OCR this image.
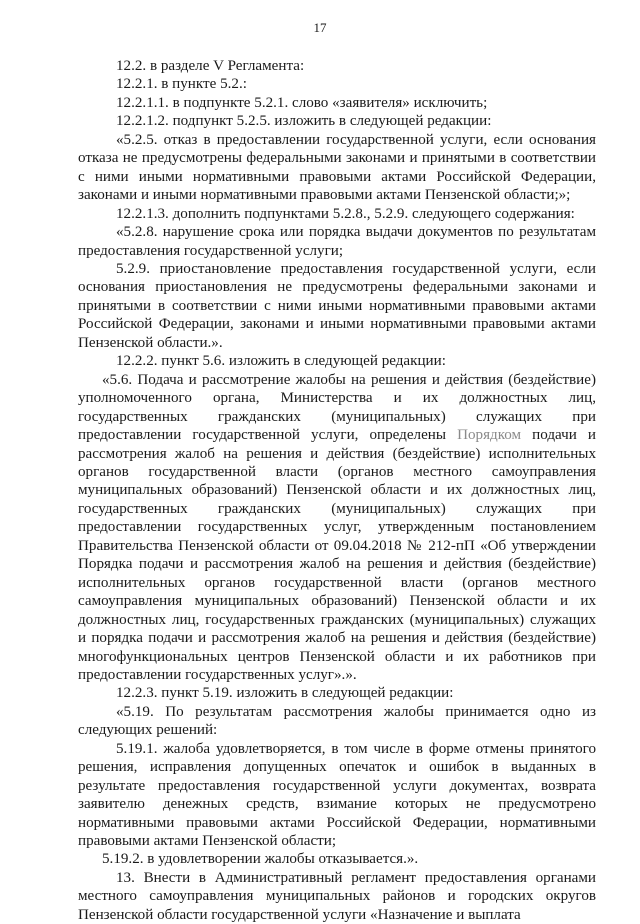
17

12.2. в разделе V Регламента:

12.2.1. в пункте 5.2.:

12.2.1.1. в подпункте 5.2.1. слово «заявителя» исключить;

12.2.1.2. подпункт 5.2.5. изложить в следующей редакции:

«5.2.5. отказ в предоставлении государственной услуги, если основания отказа не предусмотрены федеральными законами и принятыми в соответствии с ними иными нормативными правовыми актами Российской Федерации, законами и иными нормативными правовыми актами Пензенской области;»;

12.2.1.3. дополнить подпунктами 5.2.8., 5.2.9. следующего содержания:

«5.2.8. нарушение срока или порядка выдачи документов по результатам предоставления государственной услуги;

5.2.9. приостановление предоставления государственной услуги, если основания приостановления не предусмотрены федеральными законами и принятыми в соответствии с ними иными нормативными правовыми актами Российской Федерации, законами и иными нормативными правовыми актами Пензенской области.».

12.2.2. пункт 5.6. изложить в следующей редакции:

«5.6. Подача и рассмотрение жалобы на решения и действия (бездействие) уполномоченного органа, Министерства и их должностных лиц, государственных гражданских (муниципальных) служащих при предоставлении государственной услуги, определены Порядком подачи и рассмотрения жалоб на решения и действия (бездействие) исполнительных органов государственной власти (органов местного самоуправления муниципальных образований) Пензенской области и их должностных лиц, государственных гражданских (муниципальных) служащих при предоставлении государственных услуг, утвержденным постановлением Правительства Пензенской области от 09.04.2018 № 212-пП «Об утверждении Порядка подачи и рассмотрения жалоб на решения и действия (бездействие) исполнительных органов государственной власти (органов местного самоуправления муниципальных образований) Пензенской области и их должностных лиц, государственных гражданских (муниципальных) служащих и порядка подачи и рассмотрения жалоб на решения и действия (бездействие) многофункциональных центров Пензенской области и их работников при предоставлении государственных услуг».».

12.2.3. пункт 5.19. изложить в следующей редакции:

«5.19. По результатам рассмотрения жалобы принимается одно из следующих решений:

5.19.1. жалоба удовлетворяется, в том числе в форме отмены принятого решения, исправления допущенных опечаток и ошибок в выданных в результате предоставления государственной услуги документах, возврата заявителю денежных средств, взимание которых не предусмотрено нормативными правовыми актами Российской Федерации, нормативными правовыми актами Пензенской области;

5.19.2. в удовлетворении жалобы отказывается.».

13. Внести в Административный регламент предоставления органами местного самоуправления муниципальных районов и городских округов Пензенской области государственной услуги «Назначение и выплата
